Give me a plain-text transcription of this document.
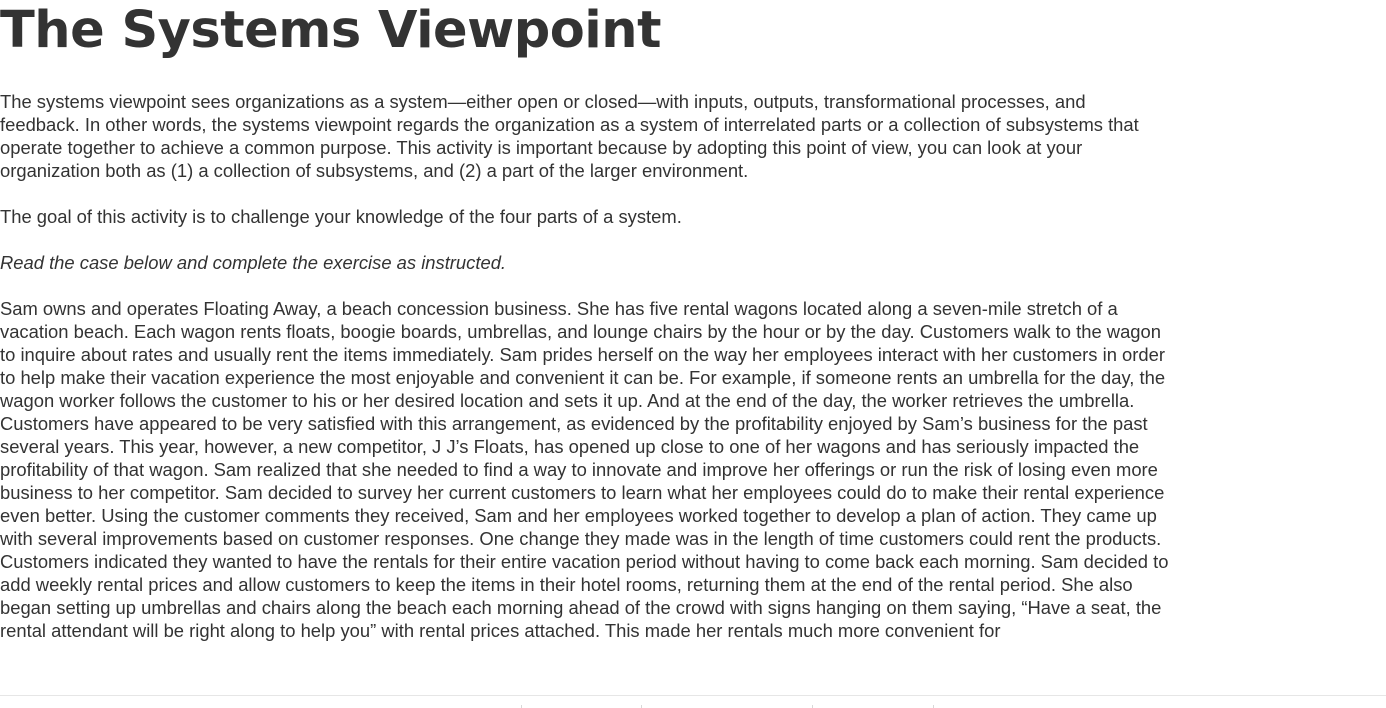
The Systems Viewpoint

The systems viewpoint sees organizations as a system—either open or closed—with inputs, outputs, transformational processes, and feedback. In other words, the systems viewpoint regards the organization as a system of interrelated parts or a collection of subsystems that operate together to achieve a common purpose. This activity is important because by adopting this point of view, you can look at your organization both as (1) a collection of subsystems, and (2) a part of the larger environment.

The goal of this activity is to challenge your knowledge of the four parts of a system.

Read the case below and complete the exercise as instructed.

Sam owns and operates Floating Away, a beach concession business. She has five rental wagons located along a seven-mile stretch of a vacation beach. Each wagon rents floats, boogie boards, umbrellas, and lounge chairs by the hour or by the day. Customers walk to the wagon to inquire about rates and usually rent the items immediately. Sam prides herself on the way her employees interact with her customers in order to help make their vacation experience the most enjoyable and convenient it can be. For example, if someone rents an umbrella for the day, the wagon worker follows the customer to his or her desired location and sets it up. And at the end of the day, the worker retrieves the umbrella. Customers have appeared to be very satisfied with this arrangement, as evidenced by the profitability enjoyed by Sam’s business for the past several years. This year, however, a new competitor, J J’s Floats, has opened up close to one of her wagons and has seriously impacted the profitability of that wagon. Sam realized that she needed to find a way to innovate and improve her offerings or run the risk of losing even more business to her competitor. Sam decided to survey her current customers to learn what her employees could do to make their rental experience even better. Using the customer comments they received, Sam and her employees worked together to develop a plan of action. They came up with several improvements based on customer responses. One change they made was in the length of time customers could rent the products. Customers indicated they wanted to have the rentals for their entire vacation period without having to come back each morning. Sam decided to add weekly rental prices and allow customers to keep the items in their hotel rooms, returning them at the end of the rental period. She also began setting up umbrellas and chairs along the beach each morning ahead of the crowd with signs hanging on them saying, “Have a seat, the rental attendant will be right along to help you” with rental prices attached. This made her rentals much more convenient for
